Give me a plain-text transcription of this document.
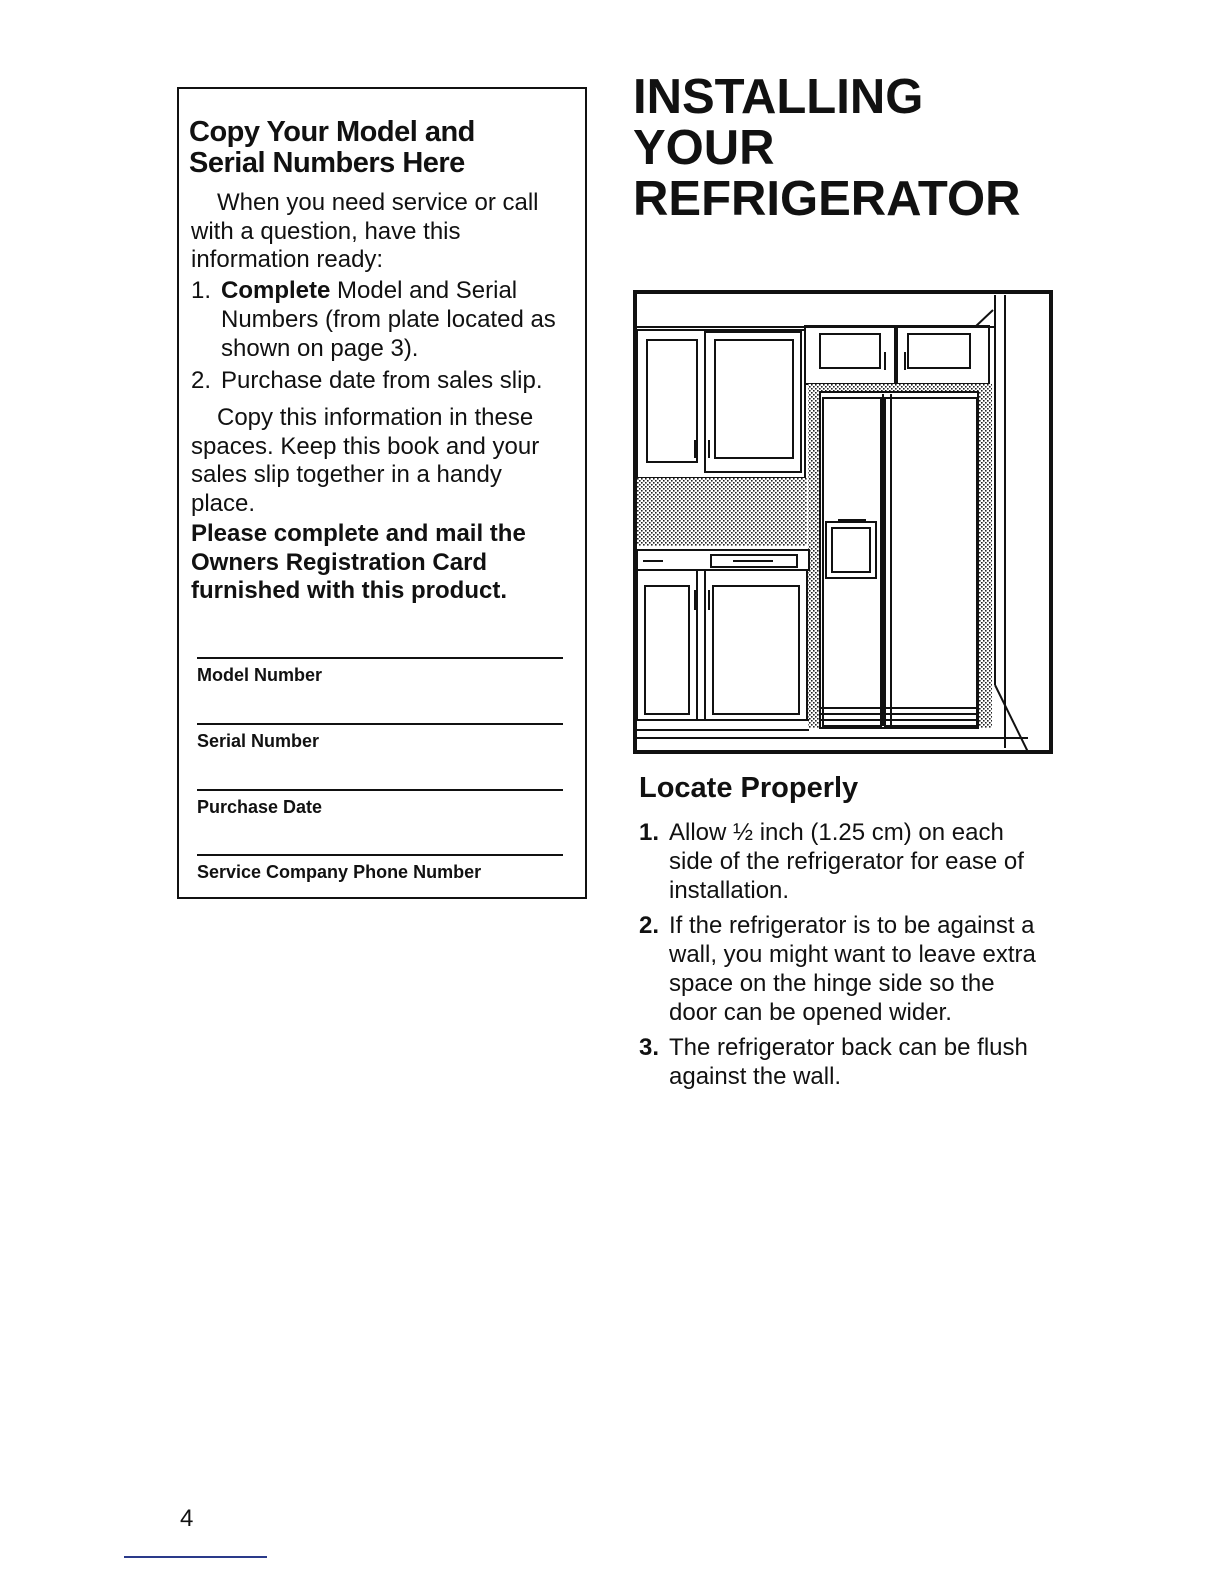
Copy Your Model and
Serial Numbers Here

When you need service or call with a question, have this information ready:

1. Complete Model and Serial Numbers (from plate located as shown on page 3).
2. Purchase date from sales slip.

Copy this information in these spaces. Keep this book and your sales slip together in a handy place.

Please complete and mail the Owners Registration Card furnished with this product.

Model Number
Serial Number
Purchase Date
Service Company Phone Number
INSTALLING
YOUR
REFRIGERATOR
Locate Properly
1. Allow ½ inch (1.25 cm) on each side of the refrigerator for ease of installation.
2. If the refrigerator is to be against a wall, you might want to leave extra space on the hinge side so the door can be opened wider.
3. The refrigerator back can be flush against the wall.
4
